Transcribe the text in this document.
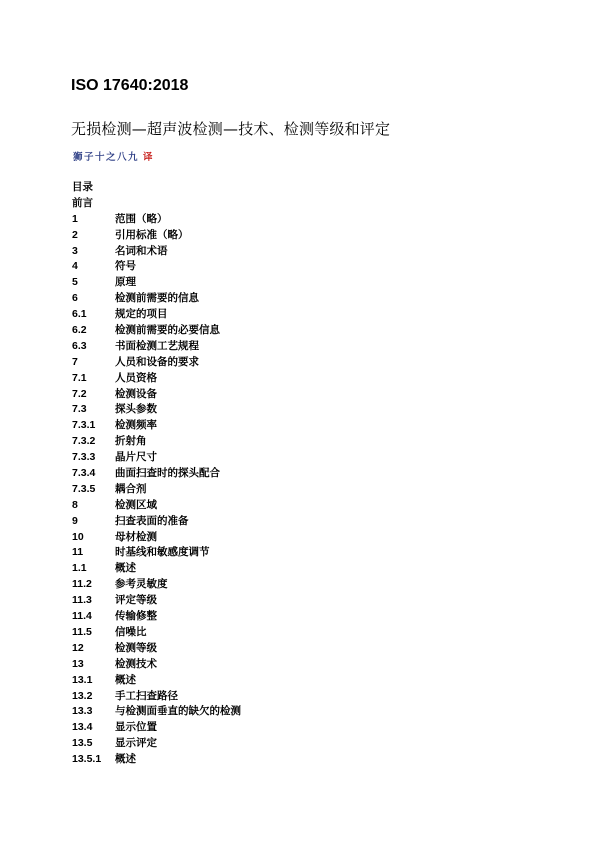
ISO 17640:2018
无损检测—超声波检测—技术、检测等级和评定
狮子十之八九 译
目录
前言
1	范围（略）
2	引用标准（略）
3	名词和术语
4	符号
5	原理
6	检测前需要的信息
6.1	规定的项目
6.2	检测前需要的必要信息
6.3	书面检测工艺规程
7	人员和设备的要求
7.1	人员资格
7.2	检测设备
7.3	探头参数
7.3.1	检测频率
7.3.2	折射角
7.3.3	晶片尺寸
7.3.4	曲面扫查时的探头配合
7.3.5	耦合剂
8	检测区域
9	扫查表面的准备
10	母材检测
11	时基线和敏感度调节
1.1	概述
11.2	参考灵敏度
11.3	评定等级
11.4	传输修整
11.5	信噪比
12	检测等级
13	检测技术
13.1	概述
13.2	手工扫查路径
13.3	与检测面垂直的缺欠的检测
13.4	显示位置
13.5	显示评定
13.5.1	概述
